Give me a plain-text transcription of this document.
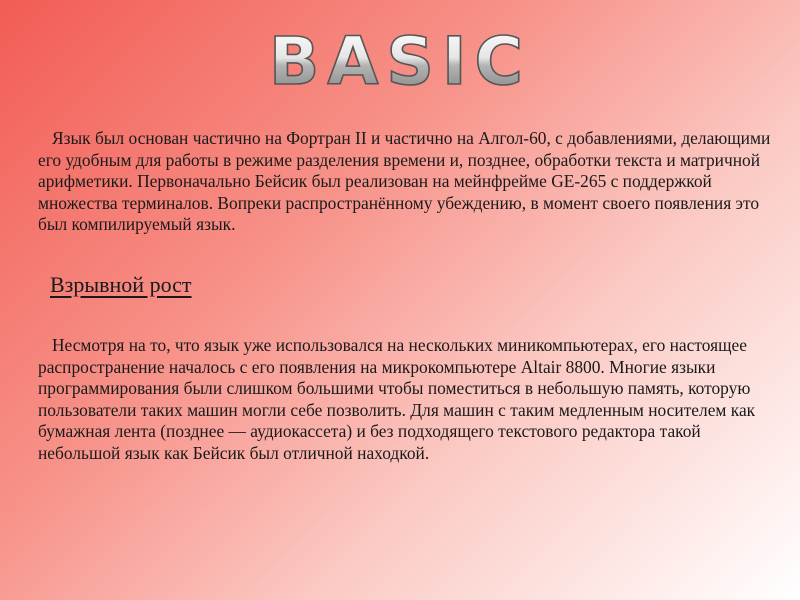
BASIC

Язык был основан частично на Фортран II и частично на Алгол-60, с добавлениями, делающими его удобным для работы в режиме разделения времени и, позднее, обработки текста и матричной арифметики. Первоначально Бейсик был реализован на мейнфрейме GE-265 с поддержкой множества терминалов. Вопреки распространённому убеждению, в момент своего появления это был компилируемый язык.

Взрывной рост

Несмотря на то, что язык уже использовался на нескольких миникомпьютерах, его настоящее распространение началось с его появления на микрокомпьютере Altair 8800. Многие языки программирования были слишком большими чтобы поместиться в небольшую память, которую пользователи таких машин могли себе позволить. Для машин с таким медленным носителем как бумажная лента (позднее — аудиокассета) и без подходящего текстового редактора такой небольшой язык как Бейсик был отличной находкой.
